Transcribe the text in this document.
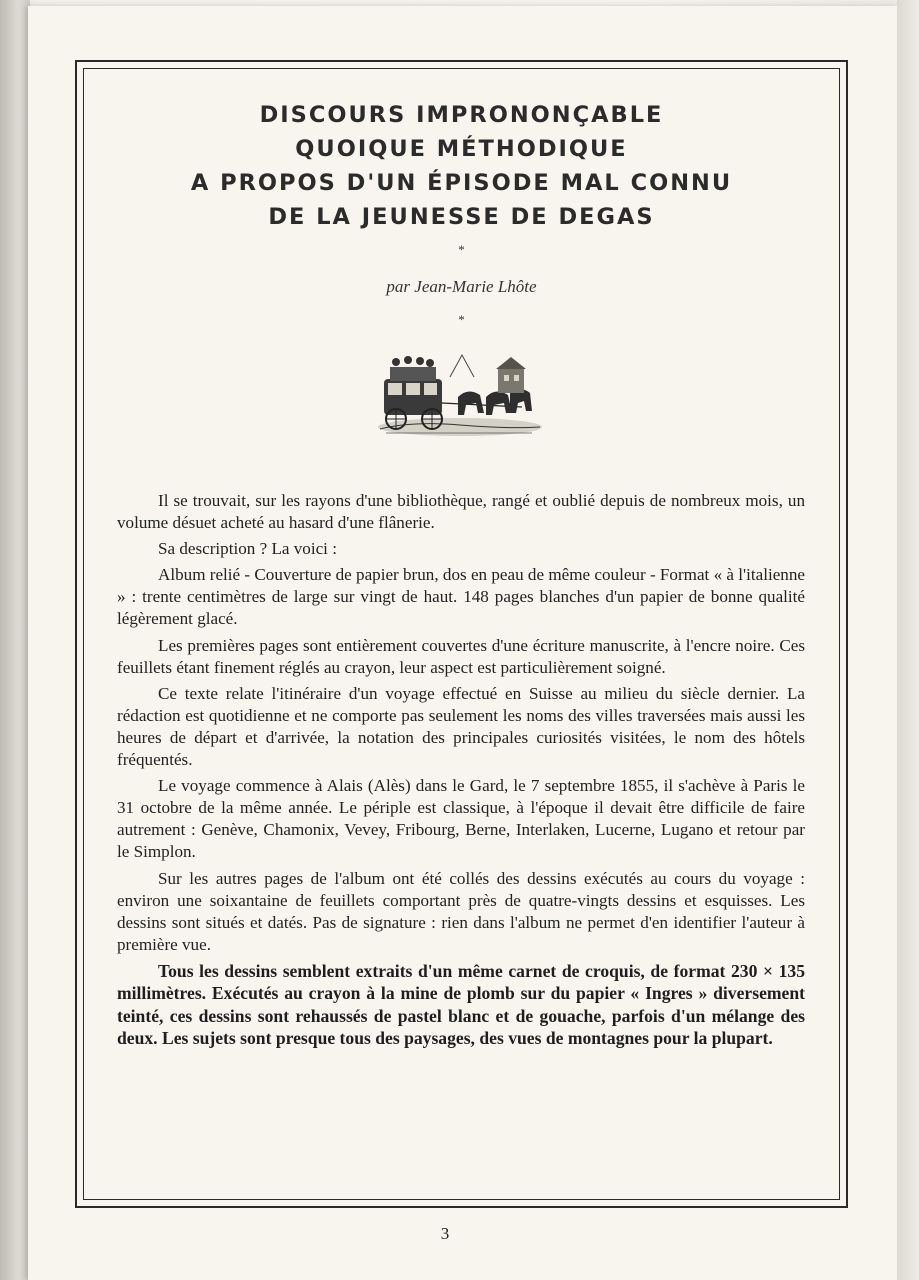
DISCOURS IMPRONONÇABLE
QUOIQUE MÉTHODIQUE
A PROPOS D'UN ÉPISODE MAL CONNU
DE LA JEUNESSE DE DEGAS
*
par Jean-Marie Lhôte
*

Il se trouvait, sur les rayons d'une bibliothèque, rangé et oublié depuis de nombreux mois, un volume désuet acheté au hasard d'une flânerie.

Sa description ? La voici :

Album relié - Couverture de papier brun, dos en peau de même couleur - Format « à l'italienne » : trente centimètres de large sur vingt de haut. 148 pages blanches d'un papier de bonne qualité légèrement glacé.

Les premières pages sont entièrement couvertes d'une écriture manuscrite, à l'encre noire. Ces feuillets étant finement réglés au crayon, leur aspect est particulièrement soigné.

Ce texte relate l'itinéraire d'un voyage effectué en Suisse au milieu du siècle dernier. La rédaction est quotidienne et ne comporte pas seulement les noms des villes traversées mais aussi les heures de départ et d'arrivée, la notation des principales curiosités visitées, le nom des hôtels fréquentés.

Le voyage commence à Alais (Alès) dans le Gard, le 7 septembre 1855, il s'achève à Paris le 31 octobre de la même année. Le périple est classique, à l'époque il devait être difficile de faire autrement : Genève, Chamonix, Vevey, Fribourg, Berne, Interlaken, Lucerne, Lugano et retour par le Simplon.

Sur les autres pages de l'album ont été collés des dessins exécutés au cours du voyage : environ une soixantaine de feuillets comportant près de quatre-vingts dessins et esquisses. Les dessins sont situés et datés. Pas de signature : rien dans l'album ne permet d'en identifier l'auteur à première vue.

Tous les dessins semblent extraits d'un même carnet de croquis, de format 230 × 135 millimètres. Exécutés au crayon à la mine de plomb sur du papier « Ingres » diversement teinté, ces dessins sont rehaussés de pastel blanc et de gouache, parfois d'un mélange des deux. Les sujets sont presque tous des paysages, des vues de montagnes pour la plupart.

3
